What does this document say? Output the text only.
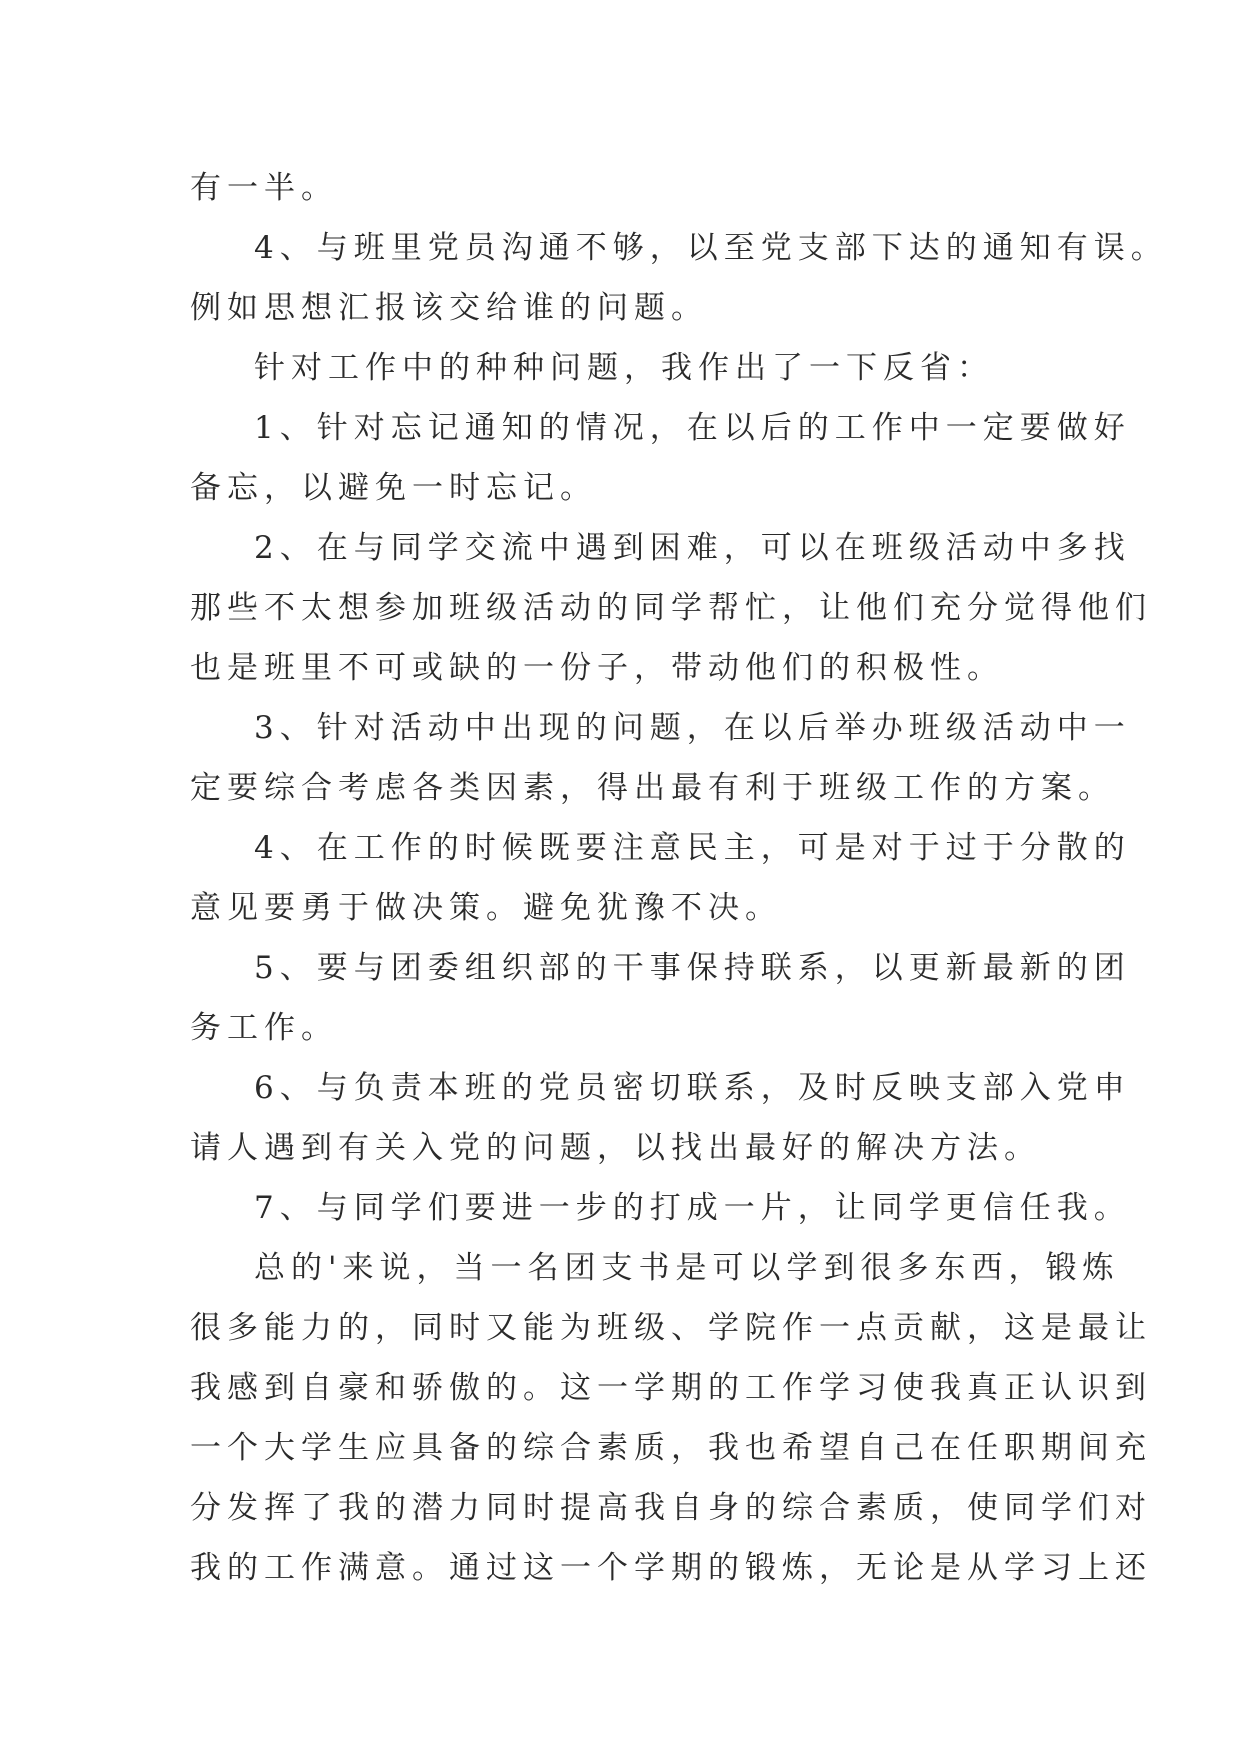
有一半。
4、与班里党员沟通不够，以至党支部下达的通知有误。
例如思想汇报该交给谁的问题。
针对工作中的种种问题，我作出了一下反省：
1、针对忘记通知的情况，在以后的工作中一定要做好
备忘，以避免一时忘记。
2、在与同学交流中遇到困难，可以在班级活动中多找
那些不太想参加班级活动的同学帮忙，让他们充分觉得他们
也是班里不可或缺的一份子，带动他们的积极性。
3、针对活动中出现的问题，在以后举办班级活动中一
定要综合考虑各类因素，得出最有利于班级工作的方案。
4、在工作的时候既要注意民主，可是对于过于分散的
意见要勇于做决策。避免犹豫不决。
5、要与团委组织部的干事保持联系，以更新最新的团
务工作。
6、与负责本班的党员密切联系，及时反映支部入党申
请人遇到有关入党的问题，以找出最好的解决方法。
7、与同学们要进一步的打成一片，让同学更信任我。
总的'来说，当一名团支书是可以学到很多东西，锻炼
很多能力的，同时又能为班级、学院作一点贡献，这是最让
我感到自豪和骄傲的。这一学期的工作学习使我真正认识到
一个大学生应具备的综合素质，我也希望自己在任职期间充
分发挥了我的潜力同时提高我自身的综合素质，使同学们对
我的工作满意。通过这一个学期的锻炼，无论是从学习上还
